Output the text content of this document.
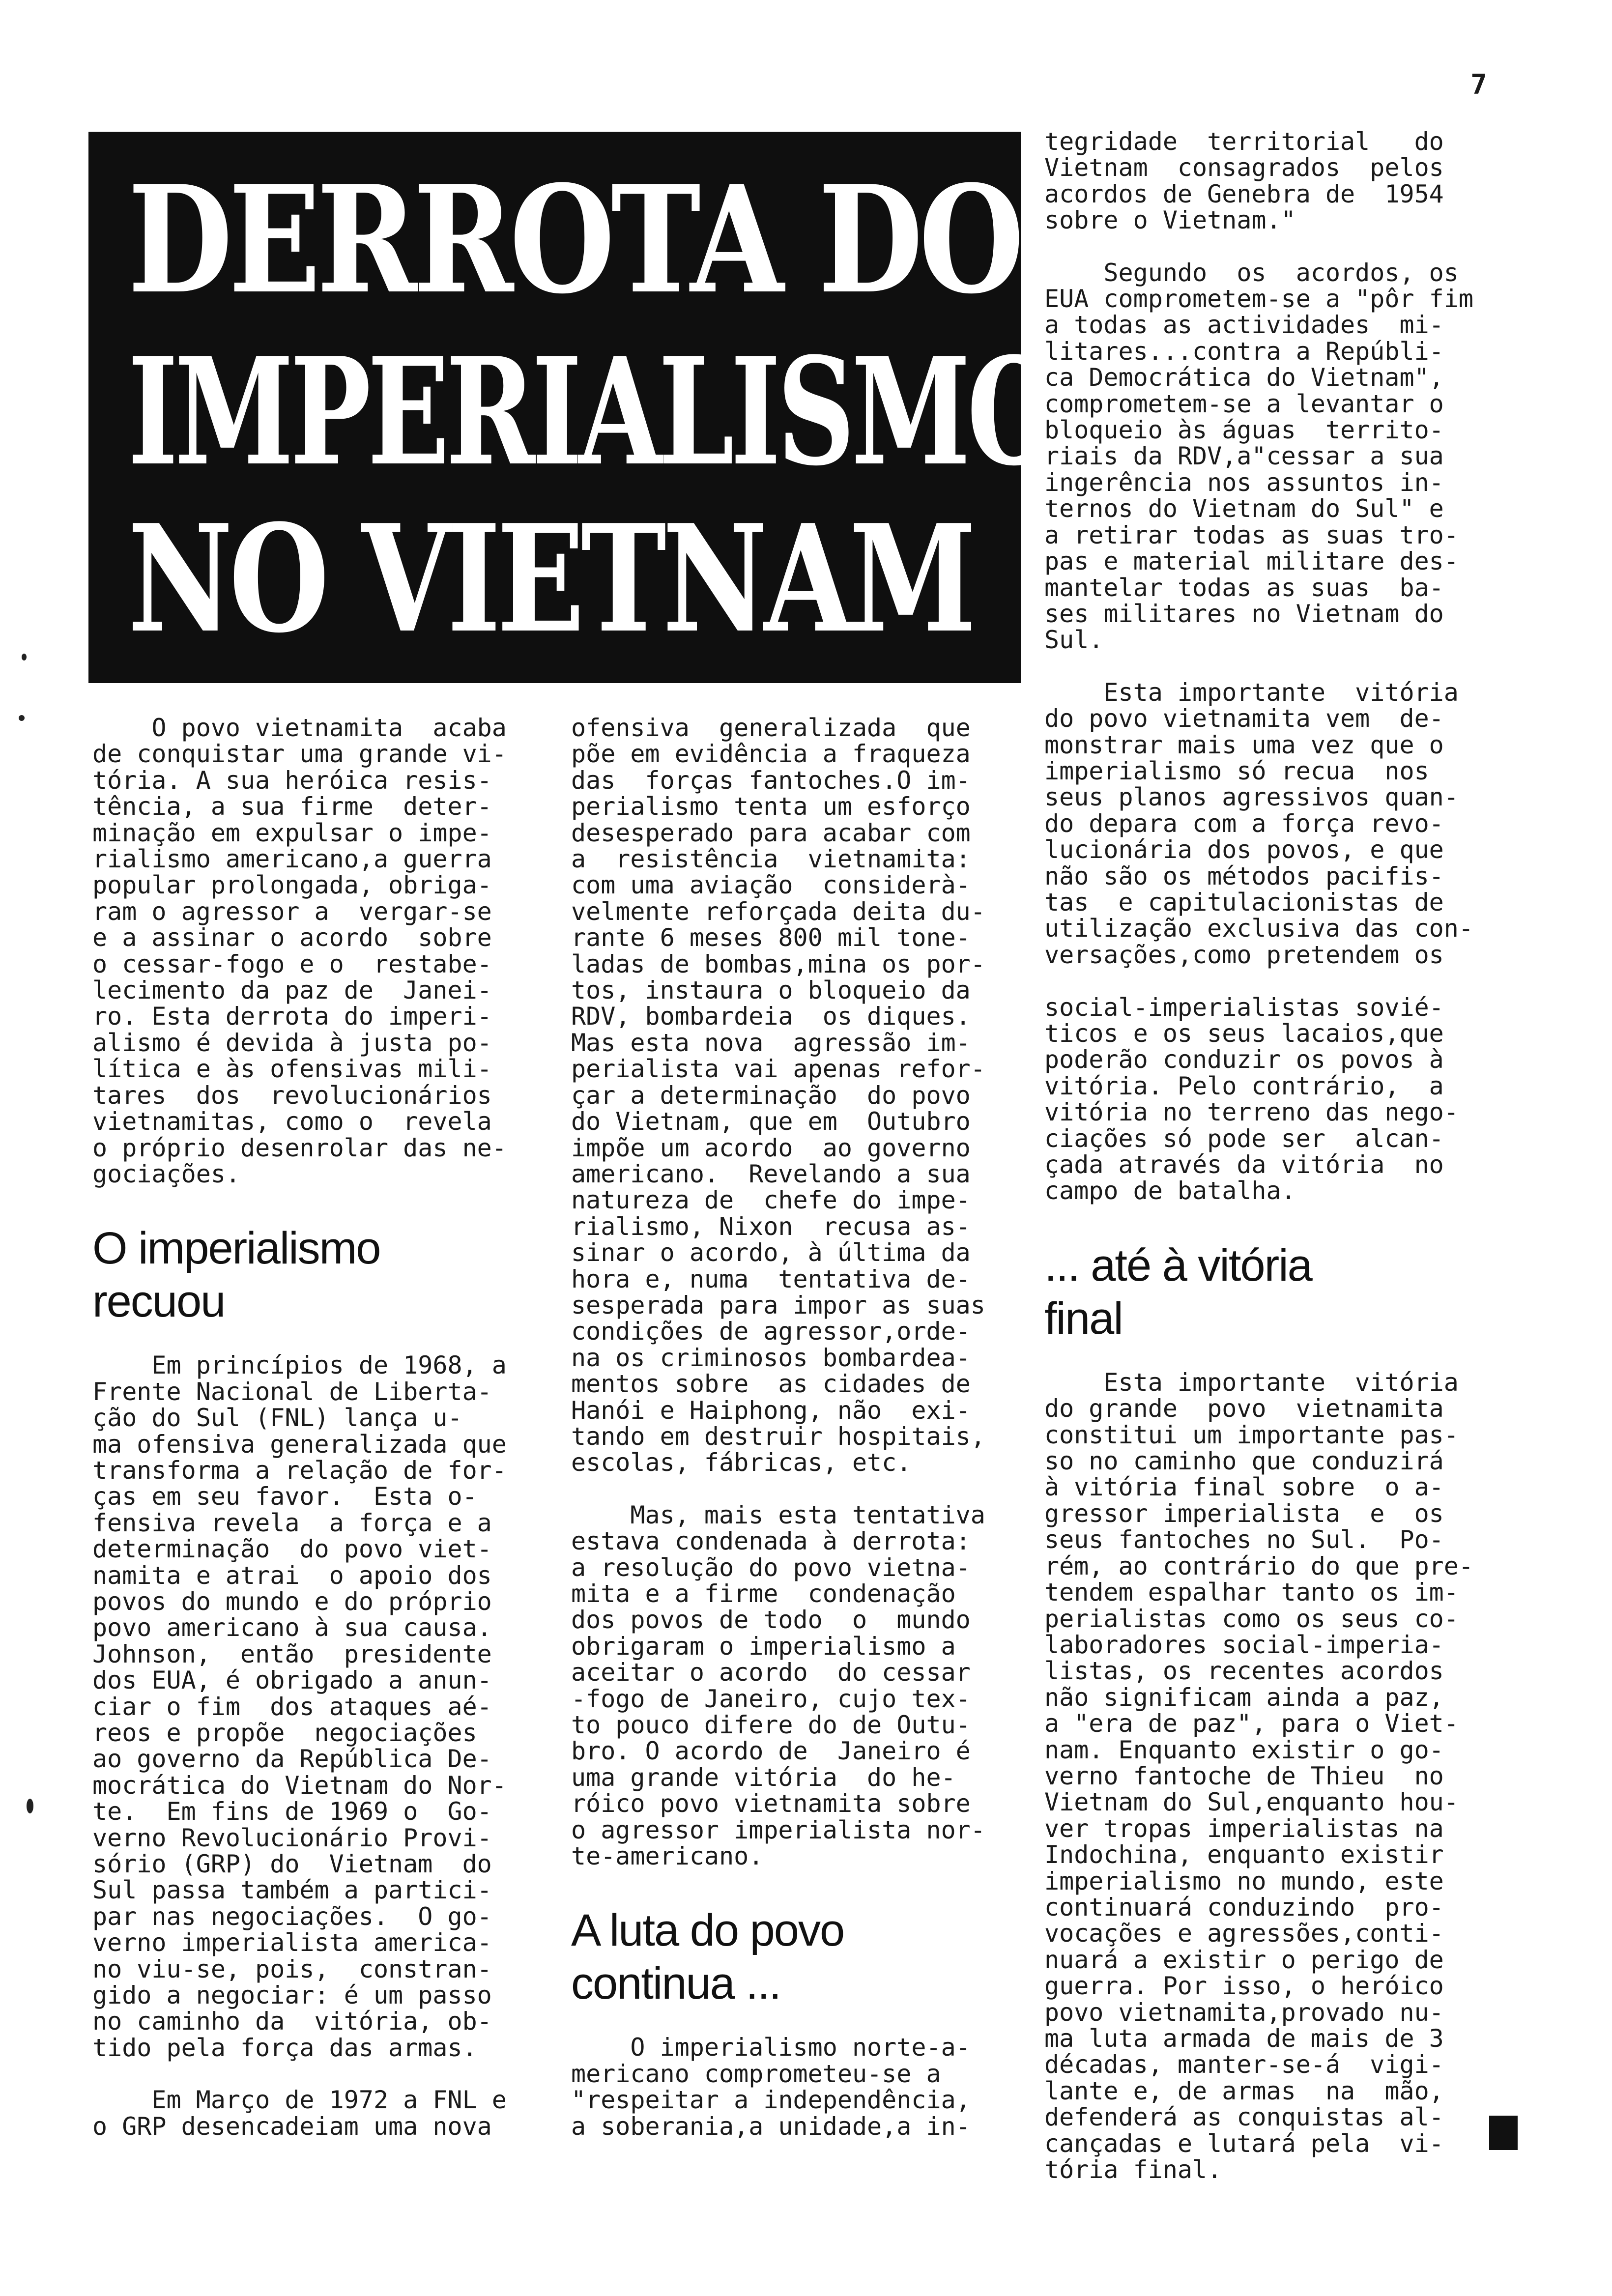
7
DERROTA DO
IMPERIALISMO
NO VIETNAM

O povo vietnamita  acaba
de conquistar uma grande vi-
tória. A sua heróica resis-
tência, a sua firme  deter-
minação em expulsar o impe-
rialismo americano,a guerra
popular prolongada, obriga-
ram o agressor a  vergar-se
e a assinar o acordo  sobre
o cessar-fogo e o  restabe-
lecimento da paz de  Janei-
ro. Esta derrota do imperi-
alismo é devida à justa po-
lítica e às ofensivas mili-
tares  dos  revolucionários
vietnamitas, como o  revela
o próprio desenrolar das ne-
gociações.

O imperialismo
recuou

Em princípios de 1968, a
Frente Nacional de Liberta-
ção do Sul (FNL) lança u-
ma ofensiva generalizada que
transforma a relação de for-
ças em seu favor.  Esta o-
fensiva revela  a força e a
determinação  do povo viet-
namita e atrai  o apoio dos
povos do mundo e do próprio
povo americano à sua causa.
Johnson,  então  presidente
dos EUA, é obrigado a anun-
ciar o fim  dos ataques aé-
reos e propõe  negociações
ao governo da República De-
mocrática do Vietnam do Nor-
te.  Em fins de 1969 o  Go-
verno Revolucionário Provi-
sório (GRP) do  Vietnam  do
Sul passa também a partici-
par nas negociações.  O go-
verno imperialista america-
no viu-se, pois,  constran-
gido a negociar: é um passo
no caminho da  vitória, ob-
tido pela força das armas.

Em Março de 1972 a FNL e
o GRP desencadeiam uma nova

ofensiva  generalizada  que
põe em evidência a fraqueza
das  forças fantoches.O im-
perialismo tenta um esforço
desesperado para acabar com
a  resistência  vietnamita:
com uma aviação  considerà-
velmente reforçada deita du-
rante 6 meses 800 mil tone-
ladas de bombas,mina os por-
tos, instaura o bloqueio da
RDV, bombardeia  os diques.
Mas esta nova  agressão im-
perialista vai apenas refor-
çar a determinação  do povo
do Vietnam, que em  Outubro
impõe um acordo  ao governo
americano.  Revelando a sua
natureza de  chefe do impe-
rialismo, Nixon  recusa as-
sinar o acordo, à última da
hora e, numa  tentativa de-
sesperada para impor as suas
condições de agressor,orde-
na os criminosos bombardea-
mentos sobre  as cidades de
Hanói e Haiphong, não  exi-
tando em destruir hospitais,
escolas, fábricas, etc.

Mas, mais esta tentativa
estava condenada à derrota:
a resolução do povo vietna-
mita e a firme  condenação
dos povos de todo  o  mundo
obrigaram o imperialismo a
aceitar o acordo  do cessar
-fogo de Janeiro, cujo tex-
to pouco difere do de Outu-
bro. O acordo de  Janeiro é
uma grande vitória  do he-
róico povo vietnamita sobre
o agressor imperialista nor-
te-americano.

A luta do povo
continua ...

O imperialismo norte-a-
mericano comprometeu-se a
"respeitar a independência,
a soberania,a unidade,a in-

tegridade  territorial   do
Vietnam  consagrados  pelos
acordos de Genebra de  1954
sobre o Vietnam."

Segundo  os  acordos, os
EUA comprometem-se a "pôr fim
a todas as actividades  mi-
litares...contra a Repúbli-
ca Democrática do Vietnam",
comprometem-se a levantar o
bloqueio às águas  territo-
riais da RDV,a"cessar a sua
ingerência nos assuntos in-
ternos do Vietnam do Sul" e
a retirar todas as suas tro-
pas e material militare des-
mantelar todas as suas  ba-
ses militares no Vietnam do
Sul.

Esta importante  vitória
do povo vietnamita vem  de-
monstrar mais uma vez que o
imperialismo só recua  nos
seus planos agressivos quan-
do depara com a força revo-
lucionária dos povos, e que
não são os métodos pacifis-
tas  e capitulacionistas de
utilização exclusiva das con-
versações,como pretendem os

social-imperialistas sovié-
ticos e os seus lacaios,que
poderão conduzir os povos à
vitória. Pelo contrário,  a
vitória no terreno das nego-
ciações só pode ser  alcan-
çada através da vitória  no
campo de batalha.

... até à vitória
final

Esta importante  vitória
do grande  povo  vietnamita
constitui um importante pas-
so no caminho que conduzirá
à vitória final sobre  o a-
gressor imperialista  e  os
seus fantoches no Sul.  Po-
rém, ao contrário do que pre-
tendem espalhar tanto os im-
perialistas como os seus co-
laboradores social-imperia-
listas, os recentes acordos
não significam ainda a paz,
a "era de paz", para o Viet-
nam. Enquanto existir o go-
verno fantoche de Thieu  no
Vietnam do Sul,enquanto hou-
ver tropas imperialistas na
Indochina, enquanto existir
imperialismo no mundo, este
continuará conduzindo  pro-
vocações e agressões,conti-
nuará a existir o perigo de
guerra. Por isso, o heróico
povo vietnamita,provado nu-
ma luta armada de mais de 3
décadas, manter-se-á  vigi-
lante e, de armas  na  mão,
defenderá as conquistas al-
cançadas e lutará pela  vi-
tória final.
